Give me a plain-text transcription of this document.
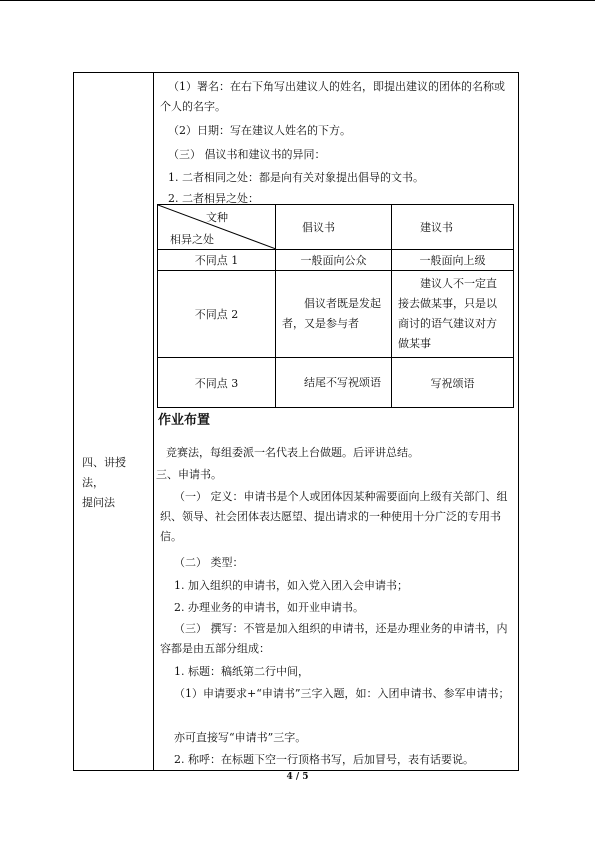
四、讲授
法，
提问法
（1）署名：在右下角写出建议人的姓名，即提出建议的团体的名称或个人的名字。
（2）日期：写在建议人姓名的下方。
（三） 倡议书和建议书的异同：
1. 二者相同之处：都是向有关对象提出倡导的文书。
2. 二者相异之处：
文种
相异之处	倡议书	建议书
不同点 1	一般面向公众	一般面向上级
不同点 2	倡议者既是发起者，又是参与者	建议人不一定直接去做某事，只是以商讨的语气建议对方做某事
不同点 3	结尾不写祝颂语	写祝颂语
作业布置
竞赛法，每组委派一名代表上台做题。后评讲总结。
三、申请书。
（一） 定义：申请书是个人或团体因某种需要面向上级有关部门、组织、领导、社会团体表达愿望、提出请求的一种使用十分广泛的专用书信。
（二） 类型：
1. 加入组织的申请书，如入党入团入会申请书；
2. 办理业务的申请书，如开业申请书。
（三） 撰写：不管是加入组织的申请书，还是办理业务的申请书，内容都是由五部分组成：
1. 标题：稿纸第二行中间，
（1）申请要求+“申请书”三字入题，如：入团申请书、参军申请书；
亦可直接写“申请书”三字。
2. 称呼：在标题下空一行顶格书写，后加冒号，表有话要说。
4 / 5
